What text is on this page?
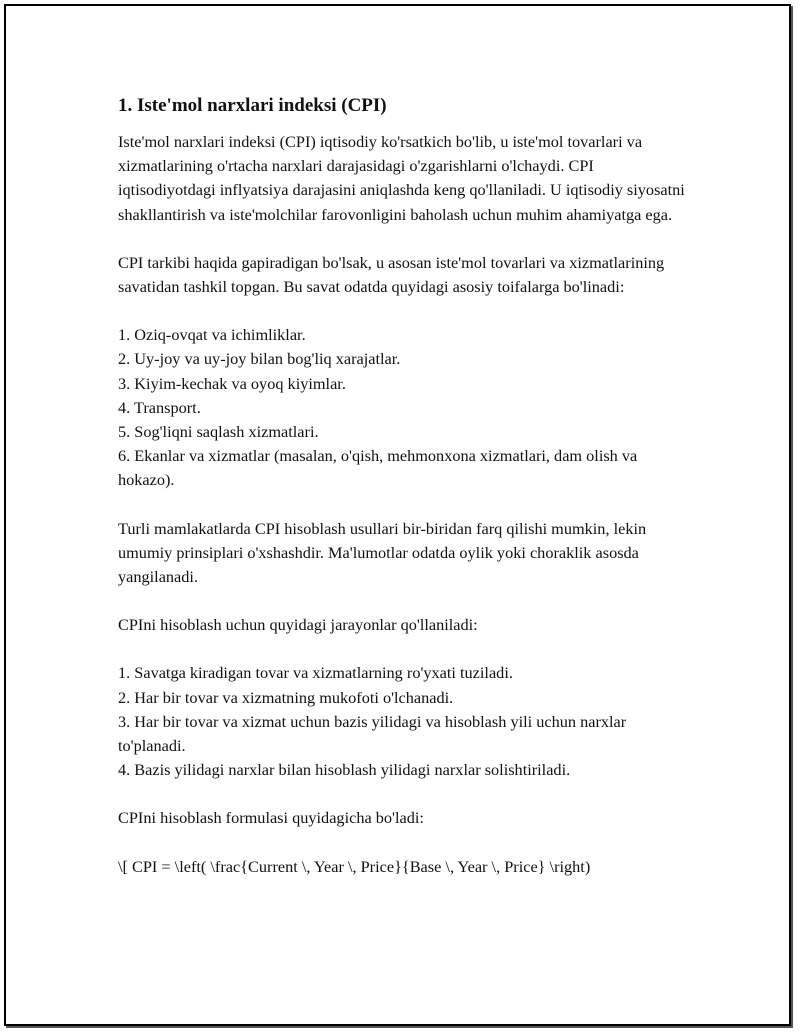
1. Iste'mol narxlari indeksi (CPI)

Iste'mol narxlari indeksi (CPI) iqtisodiy ko'rsatkich bo'lib, u iste'mol tovarlari va xizmatlarining o'rtacha narxlari darajasidagi o'zgarishlarni o'lchaydi. CPI iqtisodiyotdagi inflyatsiya darajasini aniqlashda keng qo'llaniladi. U iqtisodiy siyosatni shakllantirish va iste'molchilar farovonligini baholash uchun muhim ahamiyatga ega.

CPI tarkibi haqida gapiradigan bo'lsak, u asosan iste'mol tovarlari va xizmatlarining savatidan tashkil topgan. Bu savat odatda quyidagi asosiy toifalarga bo'linadi:

1. Oziq-ovqat va ichimliklar.
2. Uy-joy va uy-joy bilan bog'liq xarajatlar.
3. Kiyim-kechak va oyoq kiyimlar.
4. Transport.
5. Sog'liqni saqlash xizmatlari.
6. Ekanlar va xizmatlar (masalan, o'qish, mehmonxona xizmatlari, dam olish va hokazo).

Turli mamlakatlarda CPI hisoblash usullari bir-biridan farq qilishi mumkin, lekin umumiy prinsiplari o'xshashdir. Ma'lumotlar odatda oylik yoki choraklik asosda yangilanadi.

CPIni hisoblash uchun quyidagi jarayonlar qo'llaniladi:

1. Savatga kiradigan tovar va xizmatlarning ro'yxati tuziladi.
2. Har bir tovar va xizmatning mukofoti o'lchanadi.
3. Har bir tovar va xizmat uchun bazis yilidagi va hisoblash yili uchun narxlar to'planadi.
4. Bazis yilidagi narxlar bilan hisoblash yilidagi narxlar solishtiriladi.

CPIni hisoblash formulasi quyidagicha bo'ladi:

\[ CPI = \left( \frac{Current \, Year \, Price}{Base \, Year \, Price} \right)
